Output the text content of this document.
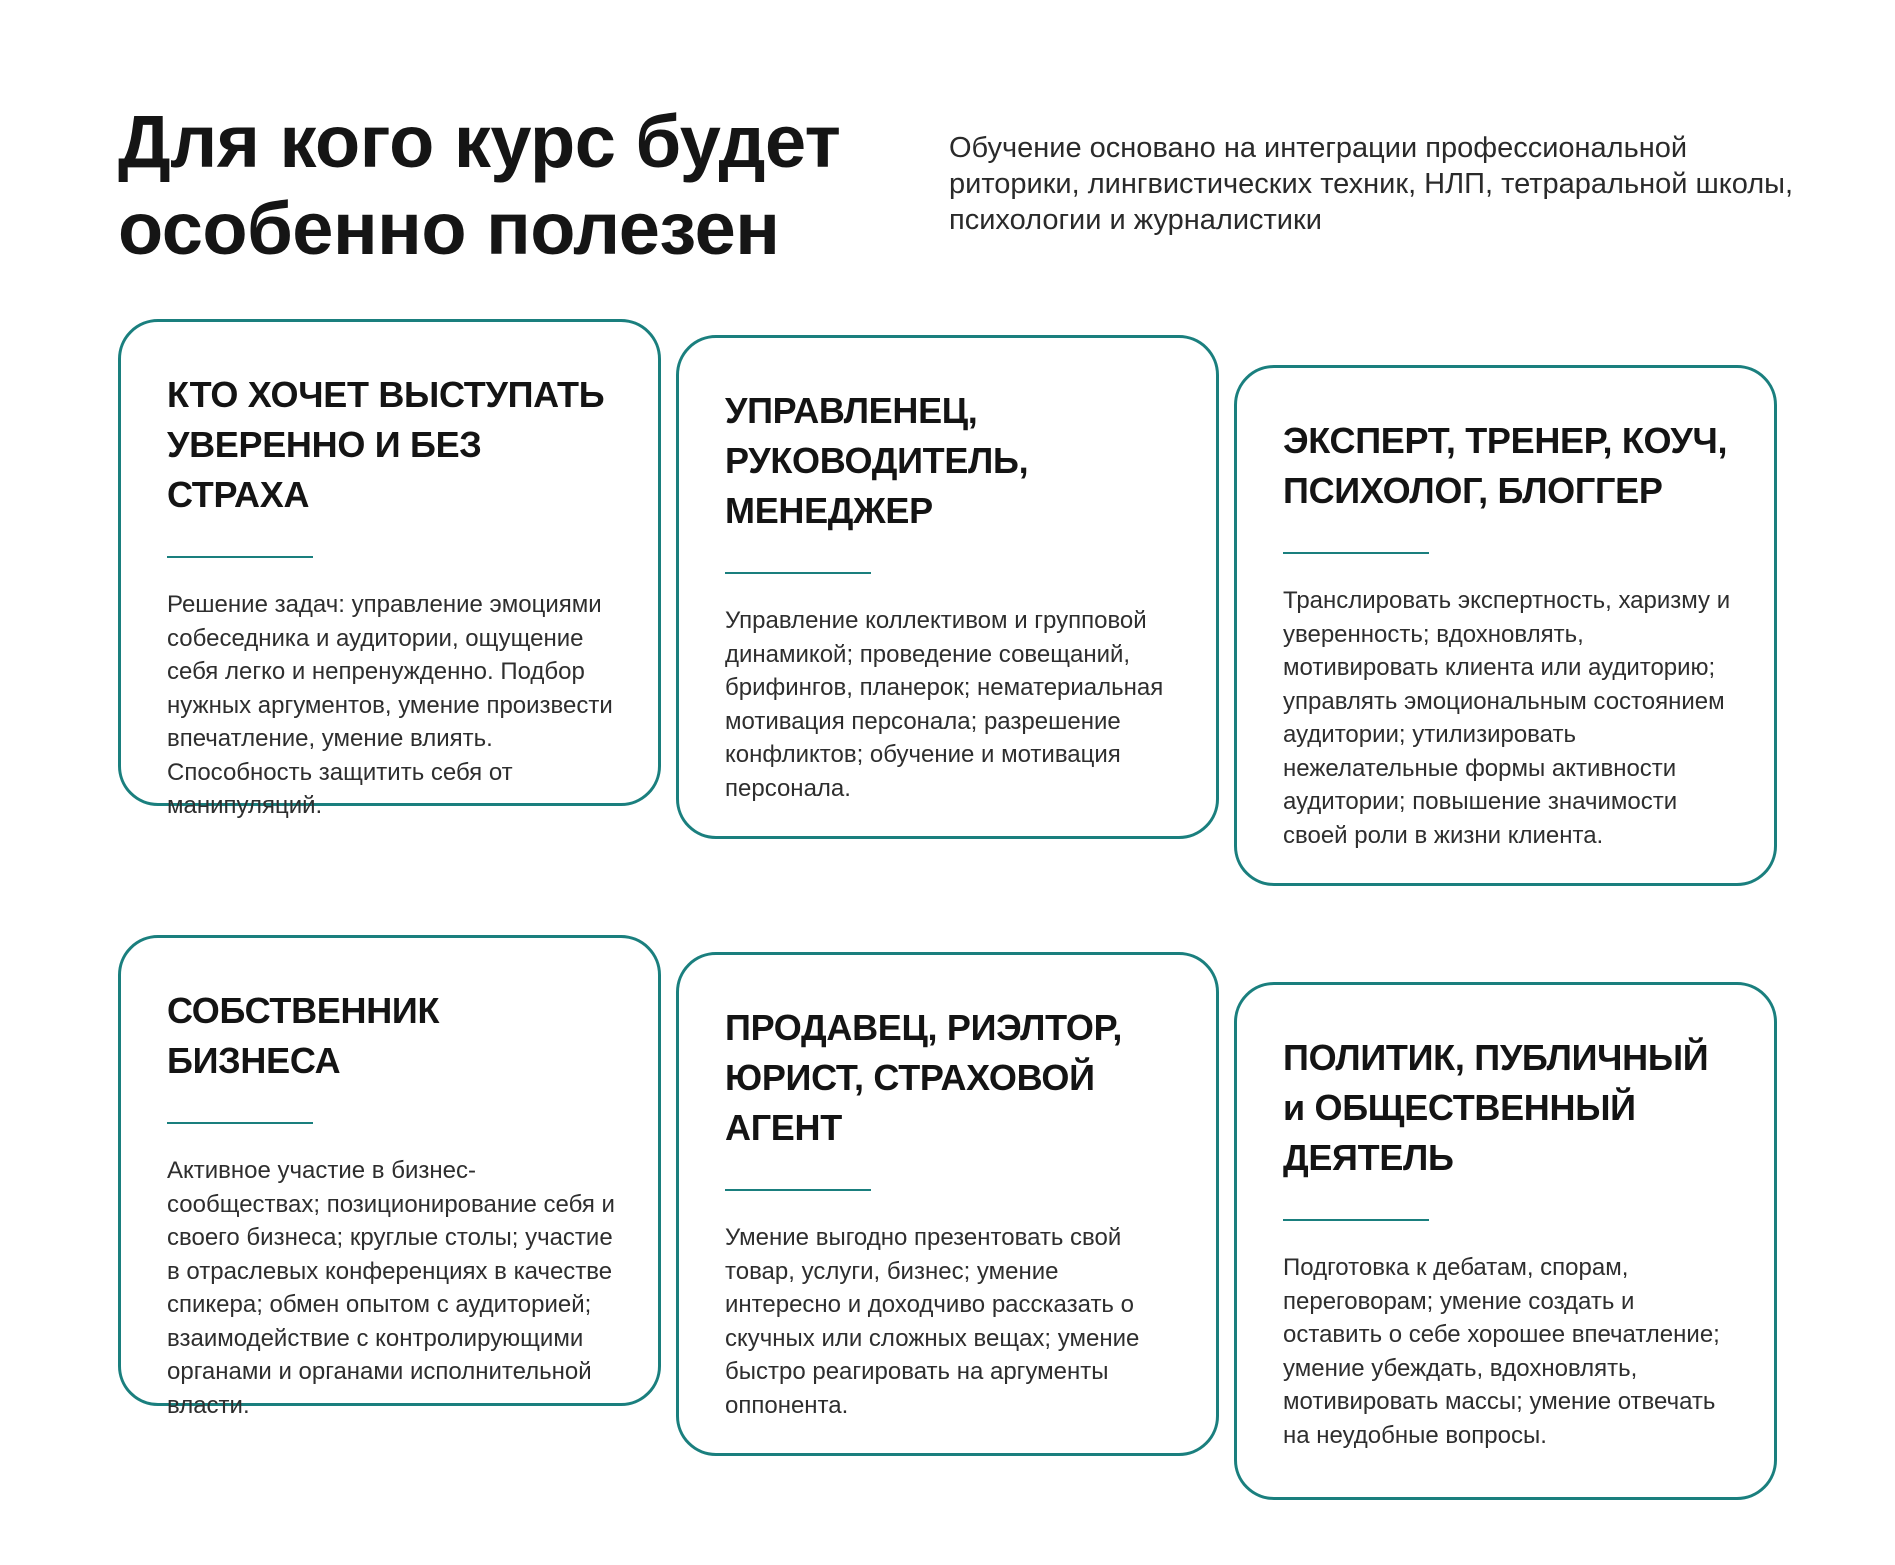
Для кого курс будет особенно полезен

Обучение основано на интеграции профессиональной риторики, лингвистических техник, НЛП, тетраральной школы, психологии и журналистики

КТО ХОЧЕТ ВЫСТУПАТЬ УВЕРЕННО И БЕЗ СТРАХА

Решение задач: управление эмоциями собеседника и аудитории, ощущение себя легко и непренужденно. Подбор нужных аргументов, умение произвести впечатление, умение влиять. Способность защитить себя от манипуляций.

УПРАВЛЕНЕЦ, РУКОВОДИТЕЛЬ, МЕНЕДЖЕР

Управление коллективом и групповой динамикой; проведение совещаний, брифингов, планерок; нематериальная мотивация персонала; разрешение конфликтов; обучение и мотивация персонала.

ЭКСПЕРТ, ТРЕНЕР, КОУЧ, ПСИХОЛОГ, БЛОГГЕР

Транслировать экспертность, харизму и уверенность; вдохновлять, мотивировать клиента или аудиторию; управлять эмоциональным состоянием аудитории; утилизировать нежелательные формы активности аудитории; повышение значимости своей роли в жизни клиента.

СОБСТВЕННИК БИЗНЕСА

Активное участие в бизнес-сообществах; позиционирование себя и своего бизнеса; круглые столы; участие в отраслевых конференциях в качестве спикера; обмен опытом с аудиторией; взаимодействие с контролирующими органами и органами исполнительной власти.

ПРОДАВЕЦ, РИЭЛТОР, ЮРИСТ, СТРАХОВОЙ АГЕНТ

Умение выгодно презентовать свой товар, услуги, бизнес; умение интересно и доходчиво рассказать о скучных или сложных вещах; умение быстро реагировать на аргументы оппонента.

ПОЛИТИК, ПУБЛИЧНЫЙ и ОБЩЕСТВЕННЫЙ ДЕЯТЕЛЬ

Подготовка к дебатам, спорам, переговорам; умение создать и оставить о себе хорошее впечатление; умение убеждать, вдохновлять, мотивировать массы; умение отвечать на неудобные вопросы.
